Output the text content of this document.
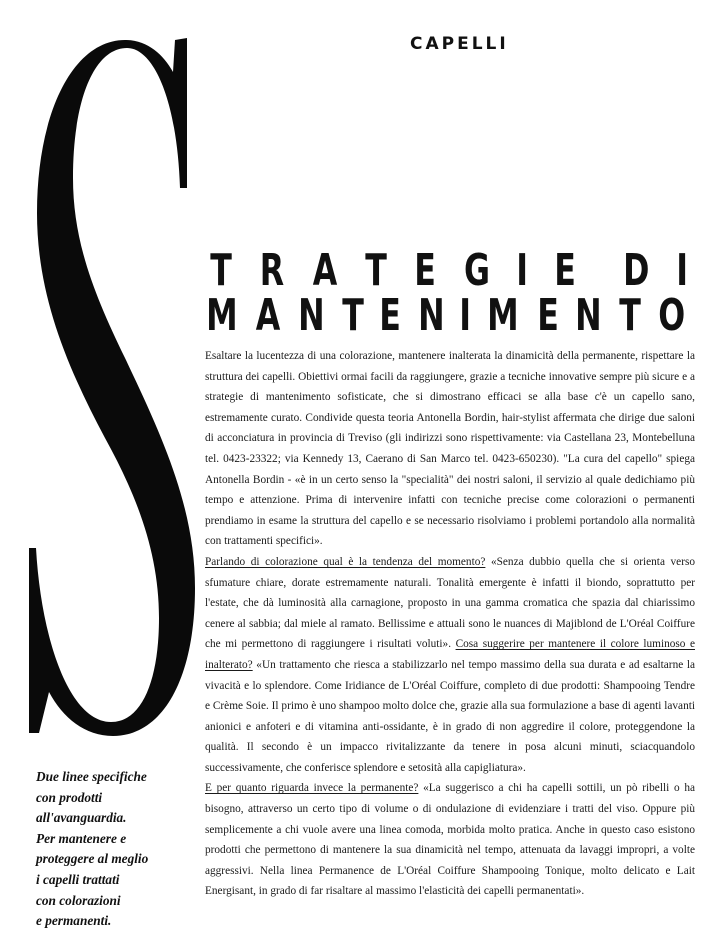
CAPELLI
T R A T E G I E D I
M A N T E N I M E N T O

Esaltare la lucentezza di una colorazione, mantenere inalterata la dinamicità della permanente, rispettare la struttura dei capelli. Obiettivi ormai facili da raggiungere, grazie a tecniche innovative sempre più sicure e a strategie di mantenimento sofisticate, che si dimostrano efficaci se alla base c'è un capello sano, estremamente curato. Condivide questa teoria Antonella Bordin, hair-stylist affermata che dirige due saloni di acconciatura in provincia di Treviso (gli indirizzi sono rispettivamente: via Castellana 23, Montebelluna tel. 0423-23322; via Kennedy 13, Caerano di San Marco tel. 0423-650230). "La cura del capello" spiega Antonella Bordin - «è in un certo senso la "specialità" dei nostri saloni, il servizio al quale dedichiamo più tempo e attenzione. Prima di intervenire infatti con tecniche precise come colorazioni o permanenti prendiamo in esame la struttura del capello e se necessario risolviamo i problemi portandolo alla normalità con trattamenti specifici».

Parlando di colorazione qual è la tendenza del momento? «Senza dubbio quella che si orienta verso sfumature chiare, dorate estremamente naturali. Tonalità emergente è infatti il biondo, soprattutto per l'estate, che dà luminosità alla carnagione, proposto in una gamma cromatica che spazia dal chiarissimo cenere al sabbia; dal miele al ramato. Bellissime e attuali sono le nuances di Majiblond de L'Oréal Coiffure che mi permettono di raggiungere i risultati voluti». Cosa suggerire per mantenere il colore luminoso e inalterato? «Un trattamento che riesca a stabilizzarlo nel tempo massimo della sua durata e ad esaltarne la vivacità e lo splendore. Come Iridiance de L'Oréal Coiffure, completo di due prodotti: Shampooing Tendre e Crème Soie. Il primo è uno shampoo molto dolce che, grazie alla sua formulazione a base di agenti lavanti anionici e anfoteri e di vitamina anti-ossidante, è in grado di non aggredire il colore, proteggendone la qualità. Il secondo è un impacco rivitalizzante da tenere in posa alcuni minuti, sciacquandolo successivamente, che conferisce splendore e setosità alla capigliatura».

E per quanto riguarda invece la permanente? «La suggerisco a chi ha capelli sottili, un pò ribelli o ha bisogno, attraverso un certo tipo di volume o di ondulazione di evidenziare i tratti del viso. Oppure più semplicemente a chi vuole avere una linea comoda, morbida molto pratica. Anche in questo caso esistono prodotti che permettono di mantenere la sua dinamicità nel tempo, attenuata da lavaggi impropri, a volte aggressivi. Nella linea Permanence de L'Oréal Coiffure Shampooing Tonique, molto delicato e Lait Energisant, in grado di far risaltare al massimo l'elasticità dei capelli permanentati».

Due linee specifiche
con prodotti
all'avanguardia.
Per mantenere e
proteggere al meglio
i capelli trattati
con colorazioni
e permanenti.
